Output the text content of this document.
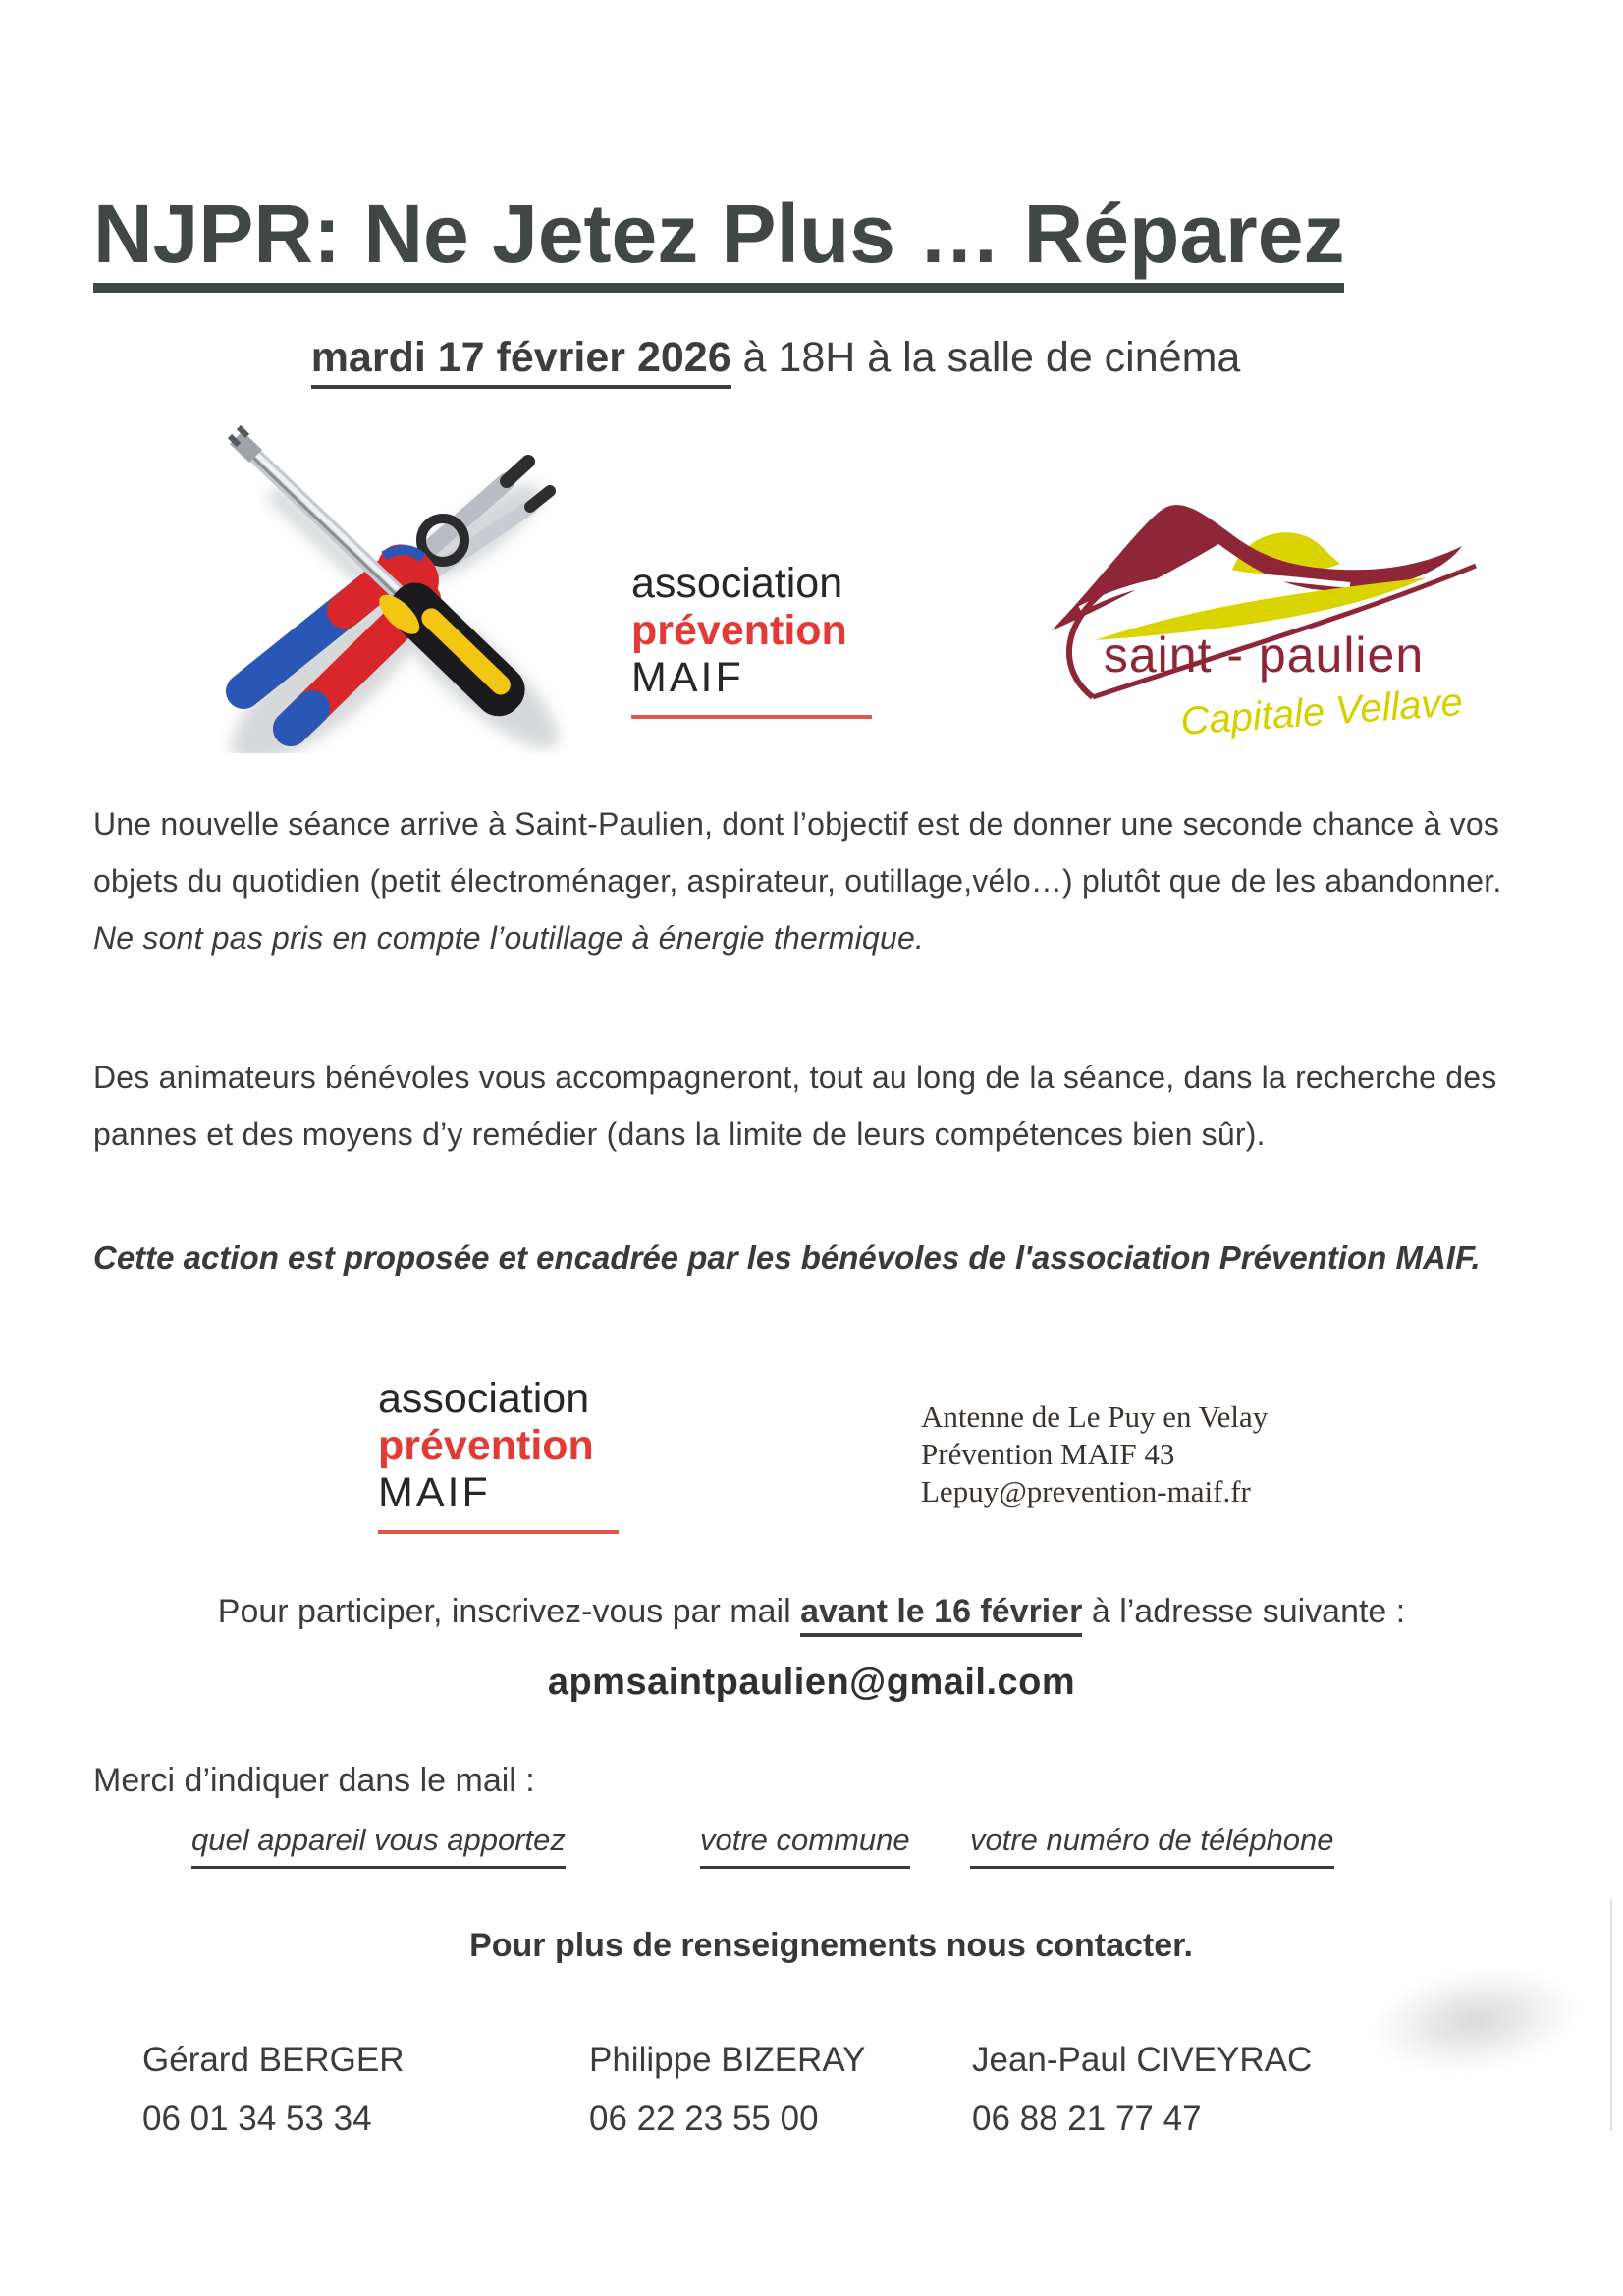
NJPR: Ne Jetez Plus … Réparez
mardi 17 février 2026 à 18H à la salle de cinéma
association
prévention
MAIF	saint - paulien
Capitale Vellave

Une nouvelle séance arrive à Saint-Paulien, dont l’objectif est de donner une seconde chance à vos objets du quotidien (petit électroménager, aspirateur, outillage,vélo…) plutôt que de les abandonner. Ne sont pas pris en compte l’outillage à énergie thermique.

Des animateurs bénévoles vous accompagneront, tout au long de la séance, dans la recherche des pannes et des moyens d’y remédier (dans la limite de leurs compétences bien sûr).

Cette action est proposée et encadrée par les bénévoles de l'association Prévention MAIF.

association
prévention
MAIF
Antenne de Le Puy en Velay
Prévention MAIF 43
Lepuy@prevention-maif.fr
Pour participer, inscrivez-vous par mail avant le 16 février à l’adresse suivante :
apmsaintpaulien@gmail.com
Merci d’indiquer dans le mail :
quel appareil vous apportez	votre commune votre numéro de téléphone
Pour plus de renseignements nous contacter.
Gérard BERGER
06 01 34 53 34
Philippe BIZERAY
06 22 23 55 00
Jean-Paul CIVEYRAC
06 88 21 77 47
